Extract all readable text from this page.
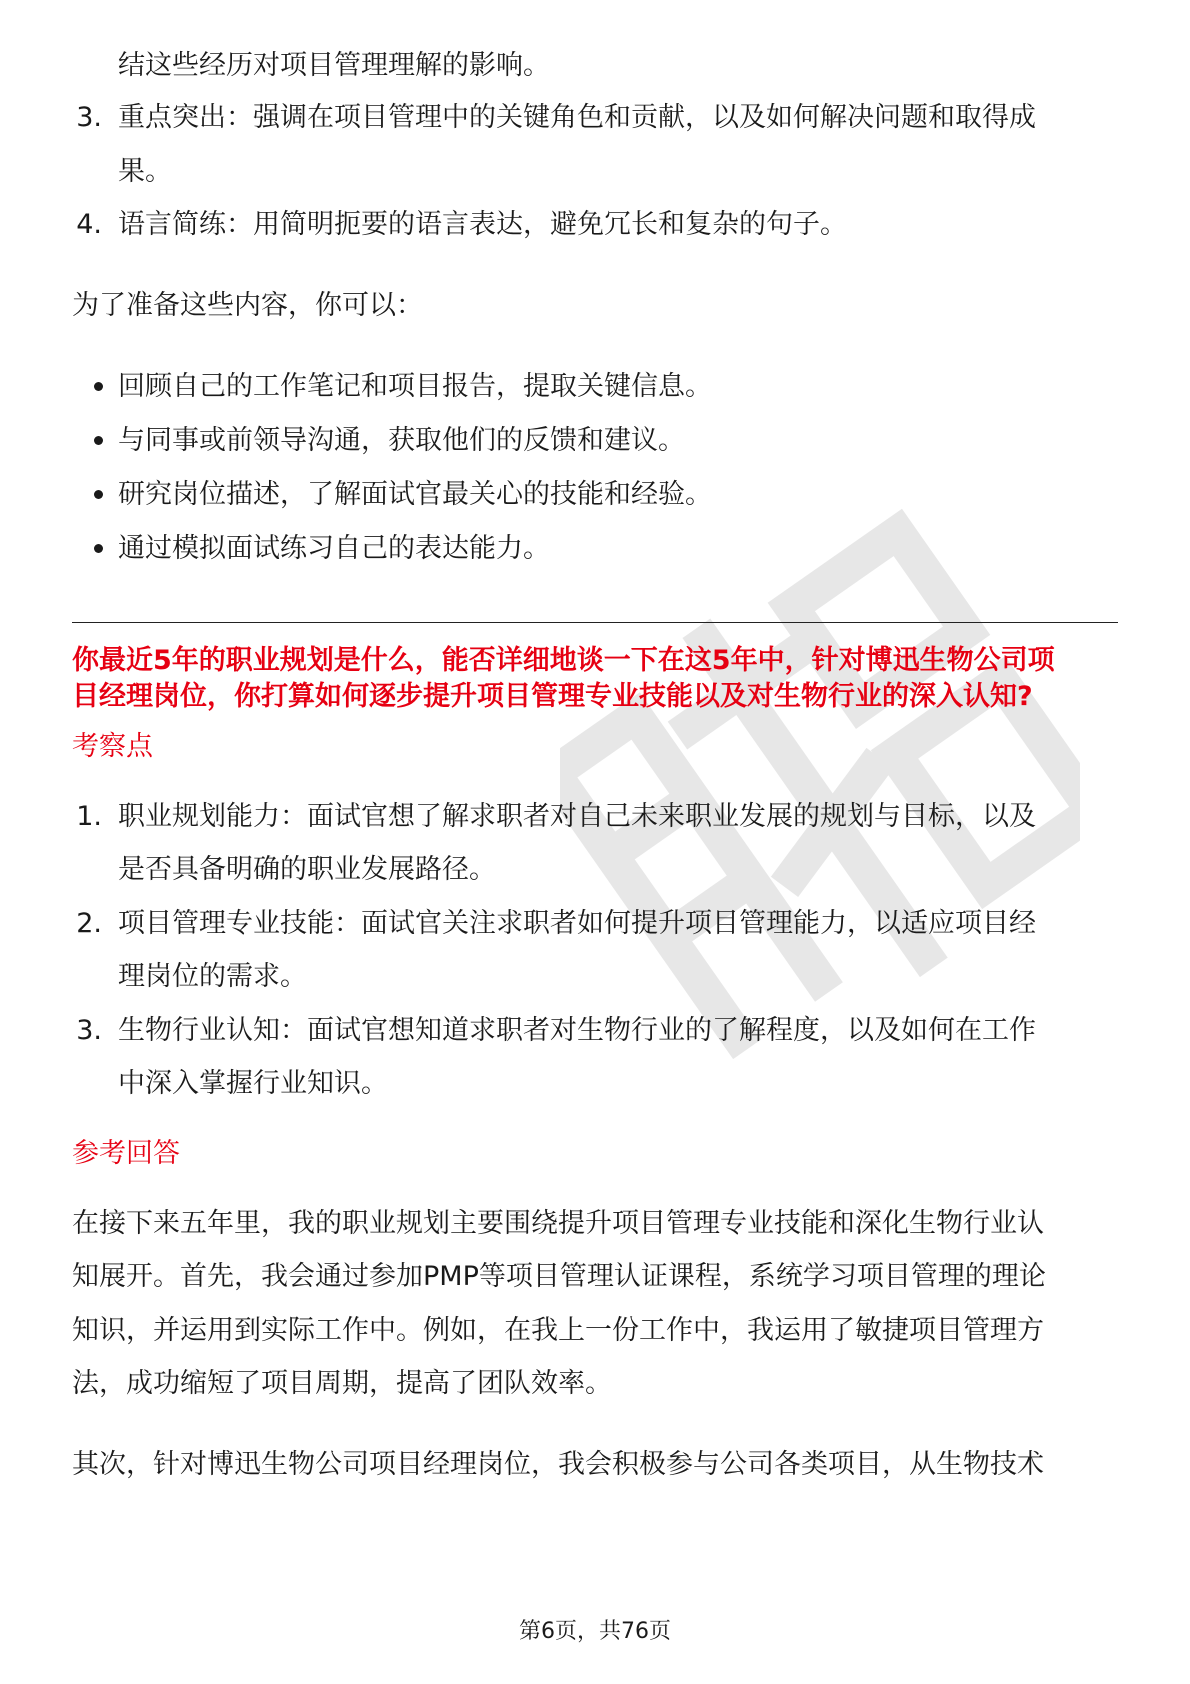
结这些经历对项目管理理解的影响。
3. 重点突出：强调在项目管理中的关键角色和贡献，以及如何解决问题和取得成
果。
4. 语言简练：用简明扼要的语言表达，避免冗长和复杂的句子。
为了准备这些内容，你可以：
回顾自己的工作笔记和项目报告，提取关键信息。
与同事或前领导沟通，获取他们的反馈和建议。
研究岗位描述，了解面试官最关心的技能和经验。
通过模拟面试练习自己的表达能力。
你最近5年的职业规划是什么，能否详细地谈一下在这5年中，针对博迅生物公司项
目经理岗位，你打算如何逐步提升项目管理专业技能以及对生物行业的深入认知?
考察点
1. 职业规划能力：面试官想了解求职者对自己未来职业发展的规划与目标，以及
是否具备明确的职业发展路径。
2. 项目管理专业技能：面试官关注求职者如何提升项目管理能力，以适应项目经
理岗位的需求。
3. 生物行业认知：面试官想知道求职者对生物行业的了解程度，以及如何在工作
中深入掌握行业知识。
参考回答
在接下来五年里，我的职业规划主要围绕提升项目管理专业技能和深化生物行业认
知展开。首先，我会通过参加PMP等项目管理认证课程，系统学习项目管理的理论
知识，并运用到实际工作中。例如，在我上一份工作中，我运用了敏捷项目管理方
法，成功缩短了项目周期，提高了团队效率。
其次，针对博迅生物公司项目经理岗位，我会积极参与公司各类项目，从生物技术
第6页，共76页
